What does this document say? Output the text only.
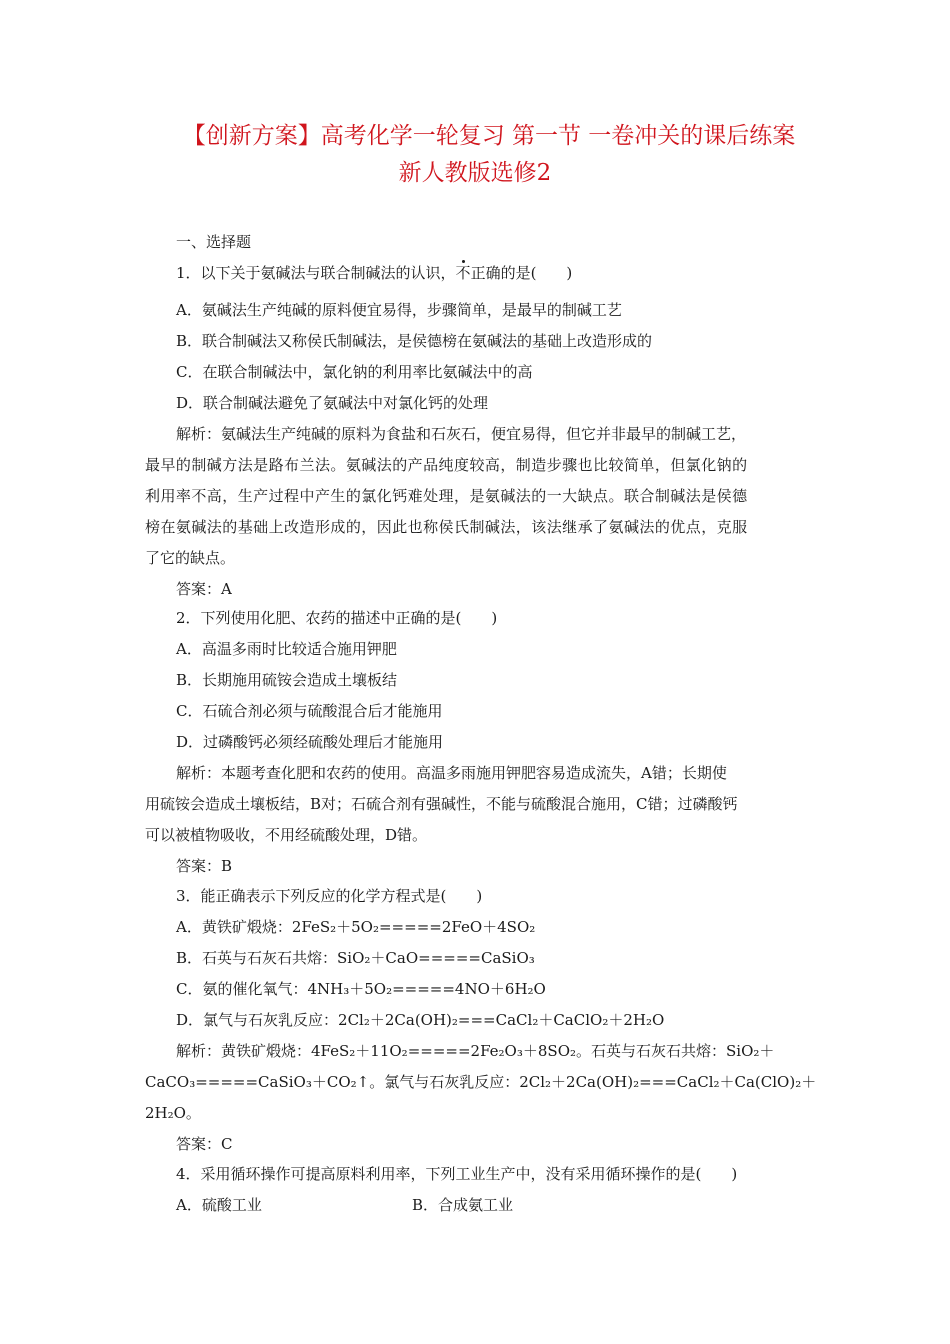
【创新方案】高考化学一轮复习 第一节 一卷冲关的课后练案
新人教版选修2
一、选择题
1．以下关于氨碱法与联合制碱法的认识，不正确的是(　　)
A．氨碱法生产纯碱的原料便宜易得，步骤简单，是最早的制碱工艺
B．联合制碱法又称侯氏制碱法，是侯德榜在氨碱法的基础上改造形成的
C．在联合制碱法中，氯化钠的利用率比氨碱法中的高
D．联合制碱法避免了氨碱法中对氯化钙的处理
解析：氨碱法生产纯碱的原料为食盐和石灰石，便宜易得，但它并非最早的制碱工艺，
最早的制碱方法是路布兰法。氨碱法的产品纯度较高，制造步骤也比较简单，但氯化钠的
利用率不高，生产过程中产生的氯化钙难处理，是氨碱法的一大缺点。联合制碱法是侯德
榜在氨碱法的基础上改造形成的，因此也称侯氏制碱法，该法继承了氨碱法的优点，克服
了它的缺点。
答案：A
2．下列使用化肥、农药的描述中正确的是(　　)
A．高温多雨时比较适合施用钾肥
B．长期施用硫铵会造成土壤板结
C．石硫合剂必须与硫酸混合后才能施用
D．过磷酸钙必须经硫酸处理后才能施用
解析：本题考查化肥和农药的使用。高温多雨施用钾肥容易造成流失，A错；长期使
用硫铵会造成土壤板结，B对；石硫合剂有强碱性，不能与硫酸混合施用，C错；过磷酸钙
可以被植物吸收，不用经硫酸处理，D错。
答案：B
3．能正确表示下列反应的化学方程式是(　　)
A．黄铁矿煅烧：2FeS₂＋5O₂=====2FeO＋4SO₂
B．石英与石灰石共熔：SiO₂＋CaO=====CaSiO₃
C．氨的催化氧气：4NH₃＋5O₂=====4NO＋6H₂O
D．氯气与石灰乳反应：2Cl₂＋2Ca(OH)₂===CaCl₂＋CaClO₂＋2H₂O
解析：黄铁矿煅烧：4FeS₂＋11O₂=====2Fe₂O₃＋8SO₂。石英与石灰石共熔：SiO₂＋
CaCO₃=====CaSiO₃＋CO₂↑。氯气与石灰乳反应：2Cl₂＋2Ca(OH)₂===CaCl₂＋Ca(ClO)₂＋
2H₂O。
答案：C
4．采用循环操作可提高原料利用率，下列工业生产中，没有采用循环操作的是(　　)
A．硫酸工业	B．合成氨工业
